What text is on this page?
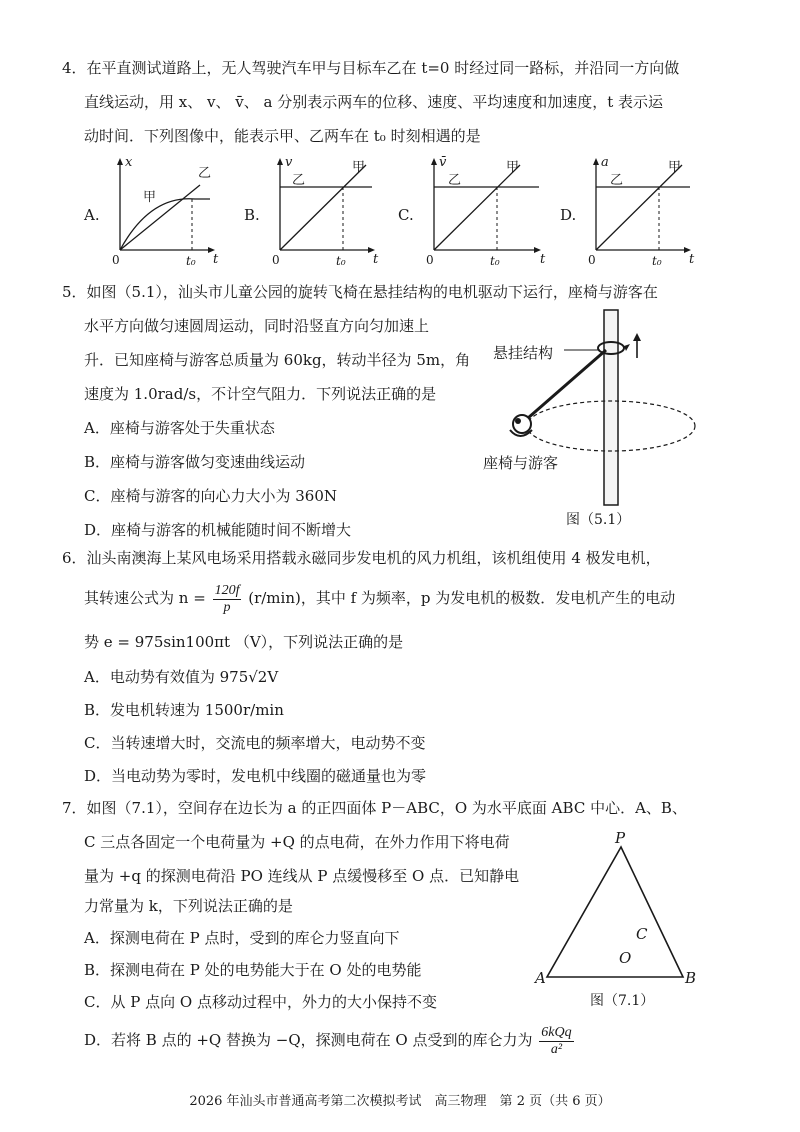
4．在平直测试道路上，无人驾驶汽车甲与目标车乙在 t=0 时经过同一路标，并沿同一方向做
直线运动，用 x、 v、 v̄、 a 分别表示两车的位移、速度、平均速度和加速度，t 表示运
动时间．下列图像中，能表示甲、乙两车在 t₀ 时刻相遇的是
A.
x
t
0	t₀
甲
乙
B.
v
t
0	t₀
甲
乙
C.
v̄
t
0	t₀
甲
乙
D.
a
t
0	t₀
甲
乙
5．如图（5.1），汕头市儿童公园的旋转飞椅在悬挂结构的电机驱动下运行，座椅与游客在
水平方向做匀速圆周运动，同时沿竖直方向匀加速上
升．已知座椅与游客总质量为 60kg，转动半径为 5m，角
速度为 1.0rad/s，不计空气阻力．下列说法正确的是
A．座椅与游客处于失重状态
B．座椅与游客做匀变速曲线运动
C．座椅与游客的向心力大小为 360N
D．座椅与游客的机械能随时间不断增大
悬挂结构
座椅与游客
图（5.1）
6．汕头南澳海上某风电场采用搭载永磁同步发电机的风力机组，该机组使用 4 极发电机，
其转速公式为 $n = \frac{120f}{p} (r/\min)$，其中 f 为频率，p 为发电机的极数．发电机产生的电动
势 e = 975sin100πt （V），下列说法正确的是
A．电动势有效值为 975√2V
B．发电机转速为 1500r/min
C．当转速增大时，交流电的频率增大，电动势不变
D．当电动势为零时，发电机中线圈的磁通量也为零
7．如图（7.1），空间存在边长为 a 的正四面体 P－ABC，O 为水平底面 ABC 中心．A、B、
C 三点各固定一个电荷量为 +Q 的点电荷，在外力作用下将电荷
量为 +q 的探测电荷沿 PO 连线从 P 点缓慢移至 O 点．已知静电
力常量为 k，下列说法正确的是
A．探测电荷在 P 点时，受到的库仑力竖直向下
B．探测电荷在 P 处的电势能大于在 O 处的电势能
C．从 P 点向 O 点移动过程中，外力的大小保持不变
D．若将 B 点的 +Q 替换为 −Q，探测电荷在 O 点受到的库仑力为 $\frac{\text{6kQq}}{\text{a²}}$
P
A	B
C
O
图（7.1）
2026 年汕头市普通高考第二次模拟考试　高三物理　第 2 页（共 6 页）
